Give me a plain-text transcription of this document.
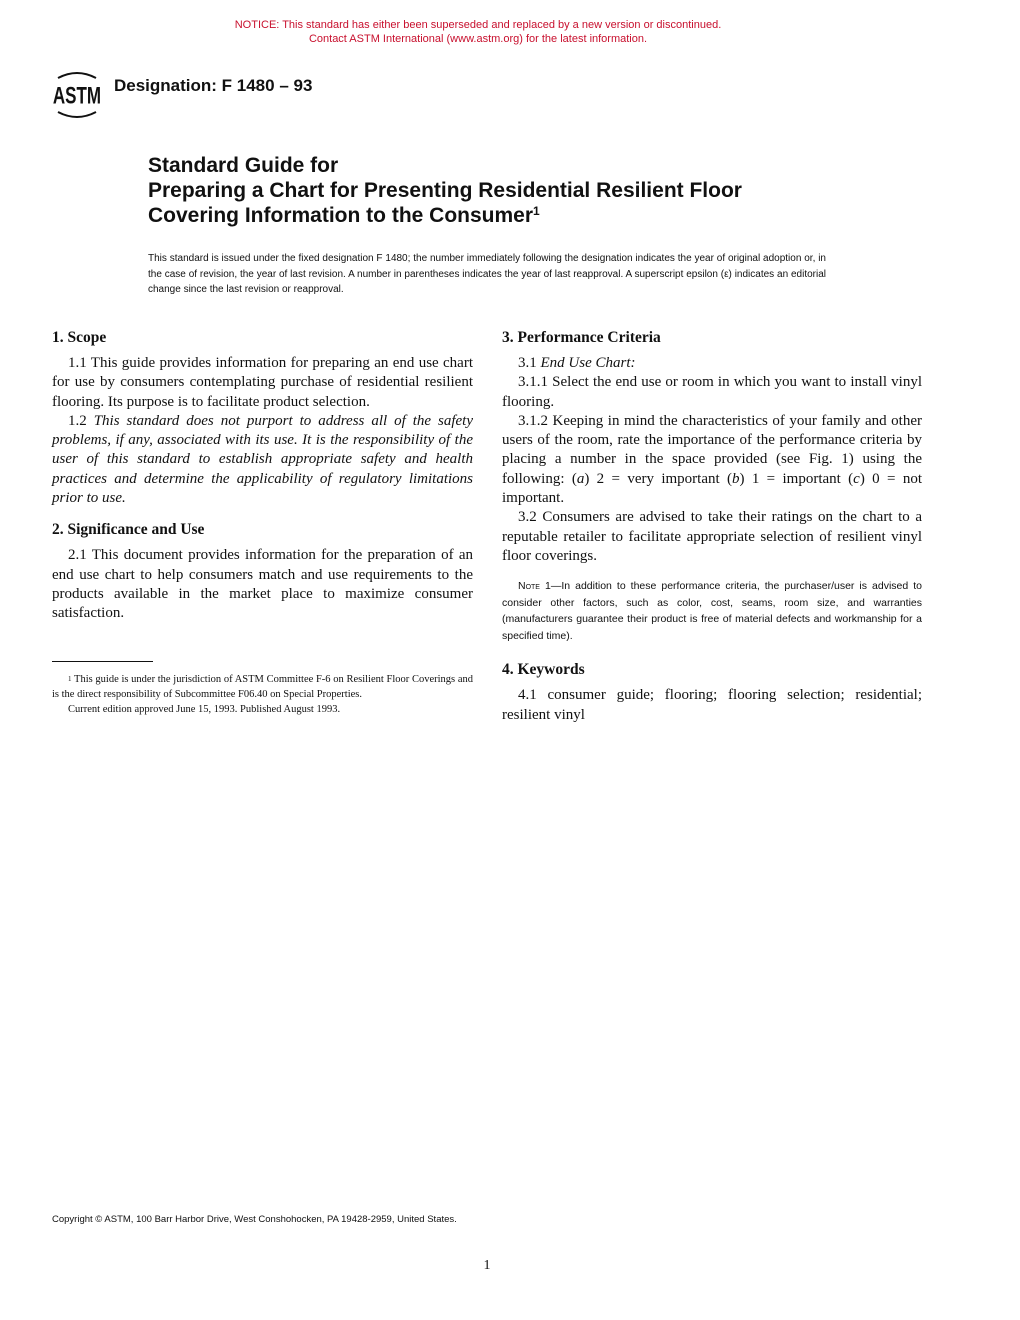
NOTICE: This standard has either been superseded and replaced by a new version or discontinued.
Contact ASTM International (www.astm.org) for the latest information.
ASTM Designation: F 1480 – 93
Standard Guide for
Preparing a Chart for Presenting Residential Resilient Floor
Covering Information to the Consumer$^1$
This standard is issued under the fixed designation F 1480; the number immediately following the designation indicates the year of original adoption or, in the case of revision, the year of last revision. A number in parentheses indicates the year of last reapproval. A superscript epsilon (ε) indicates an editorial change since the last revision or reapproval.
1. Scope

1.1 This guide provides information for preparing an end use chart for use by consumers contemplating purchase of residential resilient flooring. Its purpose is to facilitate product selection.

1.2 This standard does not purport to address all of the safety problems, if any, associated with its use. It is the responsibility of the user of this standard to establish appropriate safety and health practices and determine the applicability of regulatory limitations prior to use.

2. Significance and Use

2.1 This document provides information for the preparation of an end use chart to help consumers match and use requirements to the products available in the market place to maximize consumer satisfaction.

$^1$ This guide is under the jurisdiction of ASTM Committee F-6 on Resilient Floor Coverings and is the direct responsibility of Subcommittee F06.40 on Special Properties.

Current edition approved June 15, 1993. Published August 1993.

3. Performance Criteria

3.1 End Use Chart:

3.1.1 Select the end use or room in which you want to install vinyl flooring.

3.1.2 Keeping in mind the characteristics of your family and other users of the room, rate the importance of the performance criteria by placing a number in the space provided (see Fig. 1) using the following: (a) 2 = very important (b) 1 = important (c) 0 = not important.

3.2 Consumers are advised to take their ratings on the chart to a reputable retailer to facilitate appropriate selection of resilient vinyl floor coverings.

Note 1—In addition to these performance criteria, the purchaser/user is advised to consider other factors, such as color, cost, seams, room size, and warranties (manufacturers guarantee their product is free of material defects and workmanship for a specified time).
4. Keywords

4.1 consumer guide; flooring; flooring selection; residential; resilient vinyl

Copyright © ASTM, 100 Barr Harbor Drive, West Conshohocken, PA 19428-2959, United States.
1
